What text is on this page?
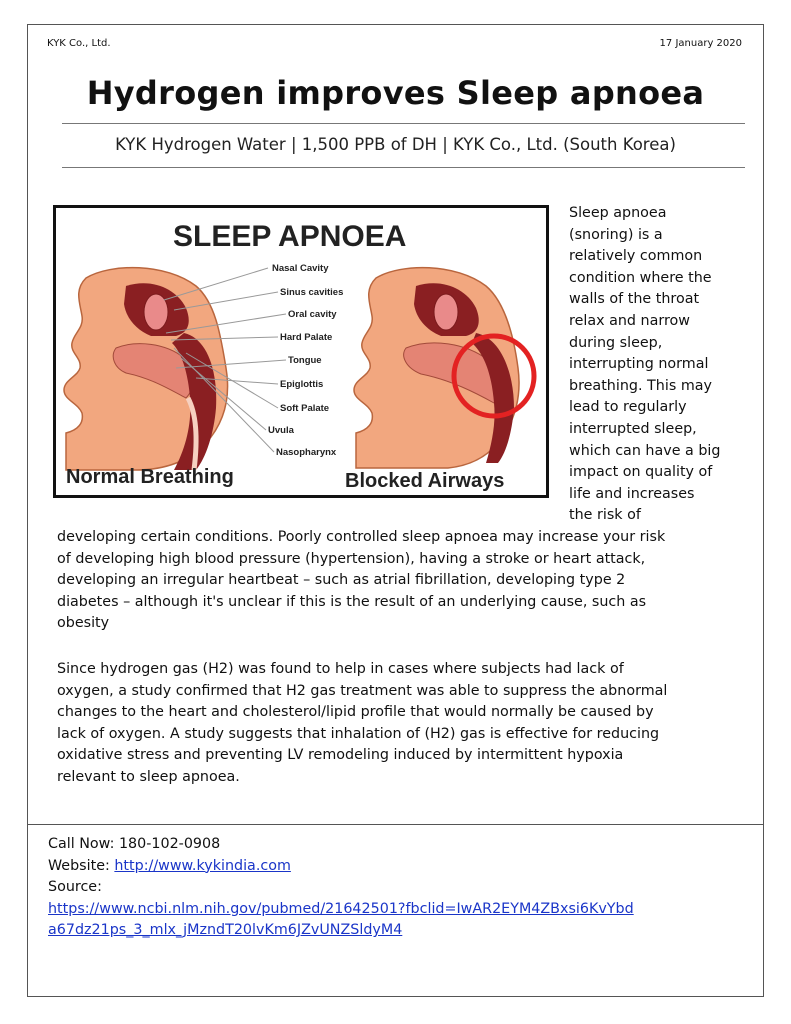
KYK Co., Ltd.	17 January 2020
Hydrogen improves Sleep apnoea
KYK Hydrogen Water | 1,500 PPB of DH | KYK Co., Ltd. (South Korea)
SLEEP APNOEA
Nasal Cavity
Sinus cavities
Oral cavity
Hard Palate
Tongue
Epiglottis
Soft Palate
Uvula
Nasopharynx
Normal Breathing	Blocked Airways
Sleep apnoea
(snoring) is a
relatively common
condition where the
walls of the throat
relax and narrow
during sleep,
interrupting normal
breathing. This may
lead to regularly
interrupted sleep,
which can have a big
impact on quality of
life and increases
the risk of
developing certain conditions. Poorly controlled sleep apnoea may increase your risk
of developing high blood pressure (hypertension), having a stroke or heart attack,
developing an irregular heartbeat – such as atrial fibrillation, developing type 2
diabetes – although it's unclear if this is the result of an underlying cause, such as
obesity
Since hydrogen gas (H2) was found to help in cases where subjects had lack of
oxygen, a study confirmed that H2 gas treatment was able to suppress the abnormal
changes to the heart and cholesterol/lipid profile that would normally be caused by
lack of oxygen. A study suggests that inhalation of (H2) gas is effective for reducing
oxidative stress and preventing LV remodeling induced by intermittent hypoxia
relevant to sleep apnoea.
Call Now: 180-102-0908
Website: http://www.kykindia.com
Source:
https://www.ncbi.nlm.nih.gov/pubmed/21642501?fbclid=IwAR2EYM4ZBxsi6KvYbd
a67dz21ps_3_mlx_jMzndT20lvKm6JZvUNZSldyM4
